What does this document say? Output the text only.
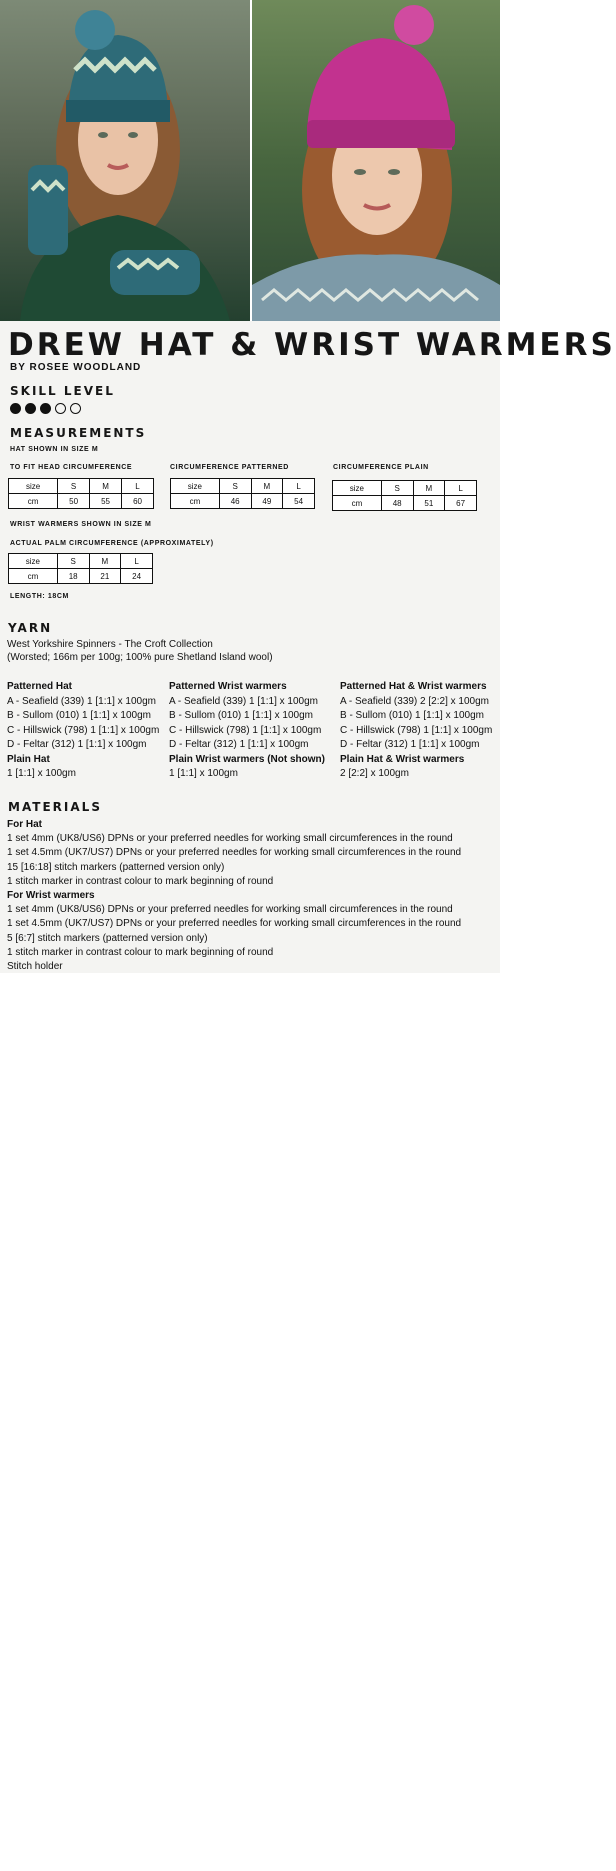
DREW HAT & WRIST WARMERS
BY ROSEE WOODLAND
SKILL LEVEL
MEASUREMENTS
HAT SHOWN IN SIZE M
TO FIT HEAD CIRCUMFERENCE
size	S	M	L
cm	50	55	60
CIRCUMFERENCE PATTERNED
size	S	M	L
cm	46	49	54
CIRCUMFERENCE PLAIN
size	S	M	L
cm	48	51	67
WRIST WARMERS SHOWN IN SIZE M
ACTUAL PALM CIRCUMFERENCE (APPROXIMATELY)
size	S	M	L
cm	18	21	24
LENGTH: 18CM
YARN
West Yorkshire Spinners - The Croft Collection
(Worsted; 166m per 100g; 100% pure Shetland Island wool)
Patterned Hat
A - Seafield (339) 1 [1:1] x 100gm
B - Sullom (010) 1 [1:1] x 100gm
C - Hillswick (798) 1 [1:1] x 100gm
D - Feltar (312) 1 [1:1] x 100gm
Plain Hat
1 [1:1] x 100gm
Patterned Wrist warmers
A - Seafield (339) 1 [1:1] x 100gm
B - Sullom (010) 1 [1:1] x 100gm
C - Hillswick (798) 1 [1:1] x 100gm
D - Feltar (312) 1 [1:1] x 100gm
Plain Wrist warmers (Not shown)
1 [1:1] x 100gm
Patterned Hat & Wrist warmers
A - Seafield (339) 2 [2:2] x 100gm
B - Sullom (010) 1 [1:1] x 100gm
C - Hillswick (798) 1 [1:1] x 100gm
D - Feltar (312) 1 [1:1] x 100gm
Plain Hat & Wrist warmers
2 [2:2] x 100gm
MATERIALS
For Hat
1 set 4mm (UK8/US6) DPNs or your preferred needles for working small circumferences in the round
1 set 4.5mm (UK7/US7) DPNs or your preferred needles for working small circumferences in the round
15 [16:18] stitch markers (patterned version only)
1 stitch marker in contrast colour to mark beginning of round
For Wrist warmers
1 set 4mm (UK8/US6) DPNs or your preferred needles for working small circumferences in the round
1 set 4.5mm (UK7/US7) DPNs or your preferred needles for working small circumferences in the round
5 [6:7] stitch markers (patterned version only)
1 stitch marker in contrast colour to mark beginning of round
Stitch holder
